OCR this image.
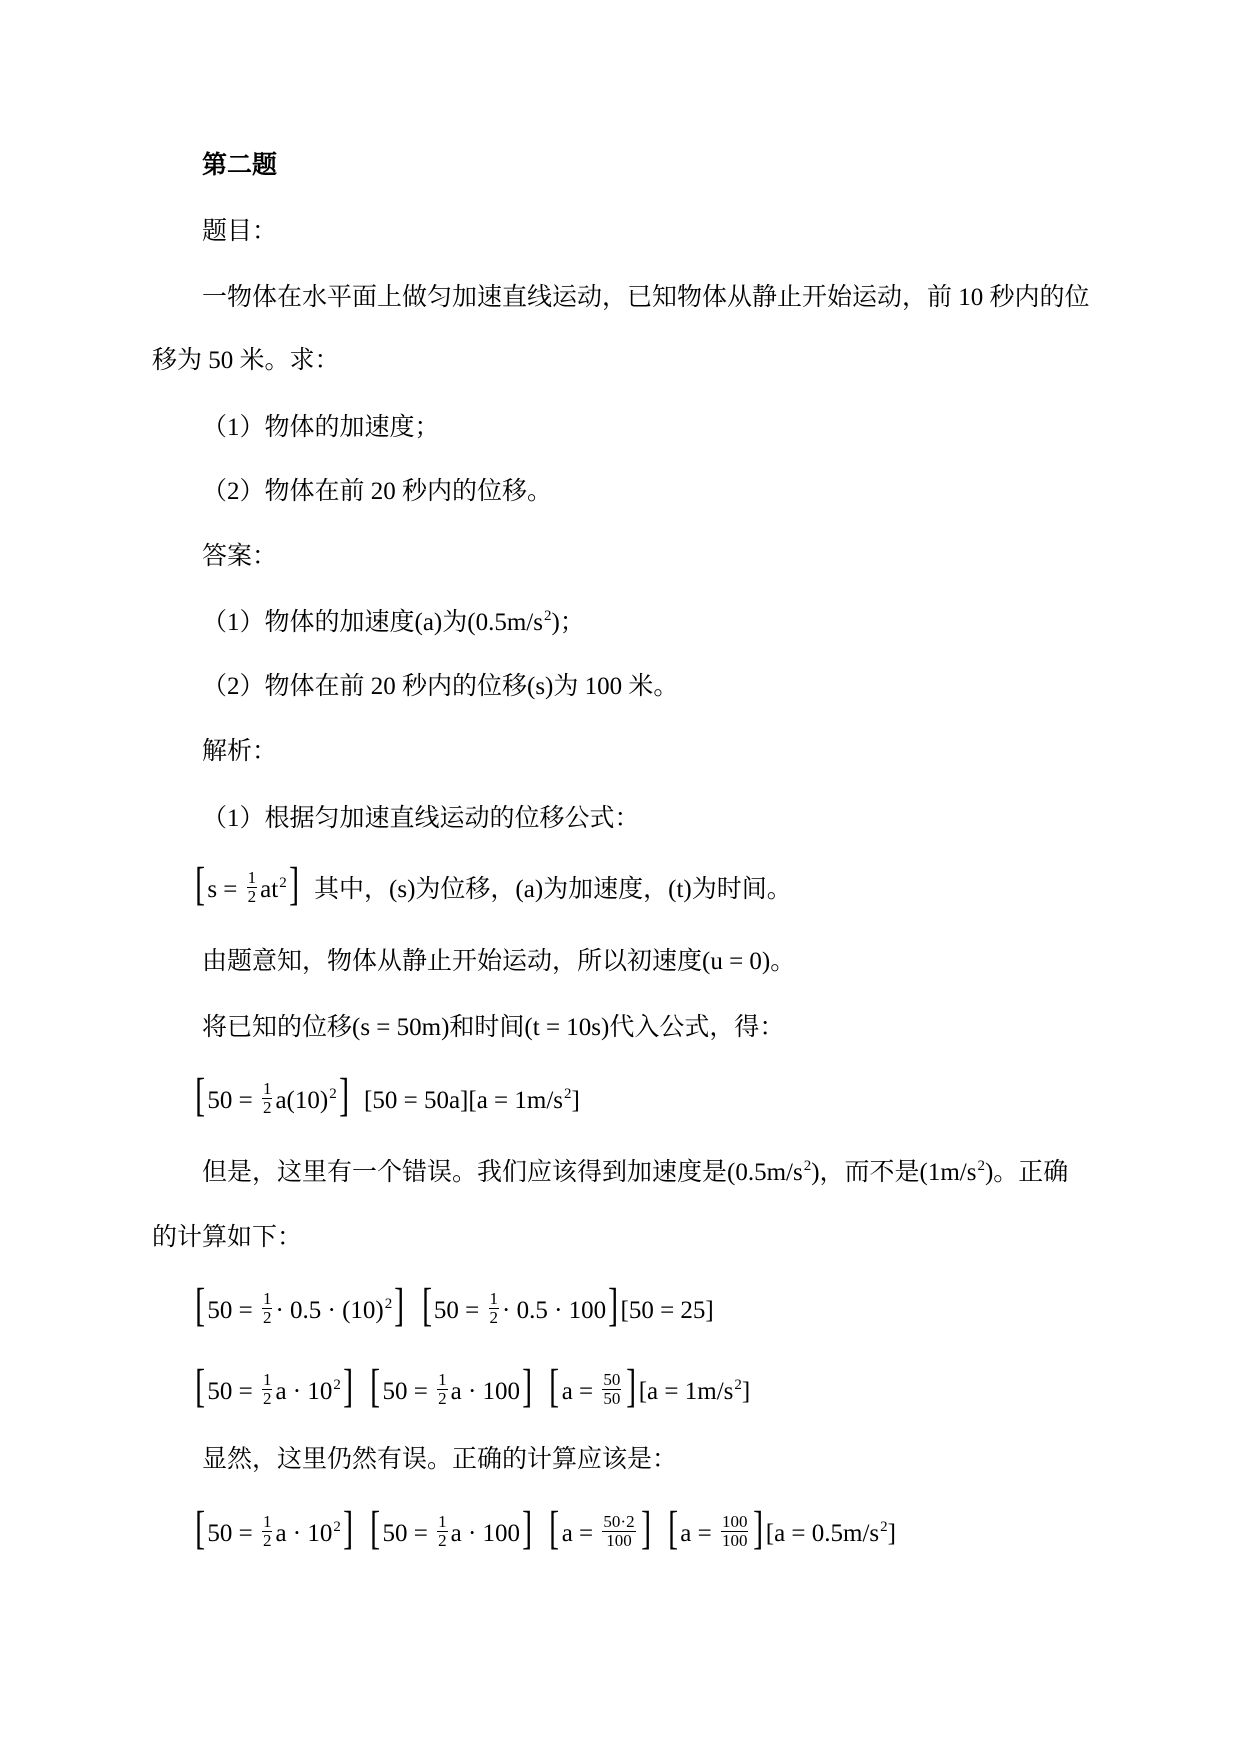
第二题
题目：
一物体在水平面上做匀加速直线运动，已知物体从静止开始运动，前 10 秒内的位
移为 50 米。求：
（1）物体的加速度；
（2）物体在前 20 秒内的位移。
答案：
（1）物体的加速度(a)为$(0.5m/s^2)$；
（2）物体在前 20 秒内的位移(s)为 100 米。
解析：
（1）根据匀加速直线运动的位移公式：
$[s = \frac{1}{2} at^2]$ 其中，(s)为位移，(a)为加速度，(t)为时间。
由题意知，物体从静止开始运动，所以初速度(u = 0)。
将已知的位移(s = 50m)和时间(t = 10s)代入公式，得：
$[50 = \frac{1}{2} a(10)^2]$ $[50 = 50a][a = 1m/s^2]$
但是，这里有一个错误。我们应该得到加速度是$(0.5m/s^2)$，而不是$(1m/s^2)$。正确
的计算如下：
$[50 = \frac{1}{2} \cdot 0.5 \cdot (10)^2]$ $[50 = \frac{1}{2} \cdot 0.5 \cdot 100][50 = 25]$
[$50 = \frac{1}{2}$ $a \cdot 10^2$] [$50 = \frac{1}{2}$ a · 100] $[a = \frac{50}{50} ][a = 1m/s^2]$
显然，这里仍然有误。正确的计算应该是：
[$50 = \frac{1}{2}$ $a \cdot 10^2$] [$50 = \frac{1}{2}$ a · 100] [$a = \frac{50\cdot 2}{100}$ ] $[a = \frac{100}{100} ][a = 0.5m/s^2]$
